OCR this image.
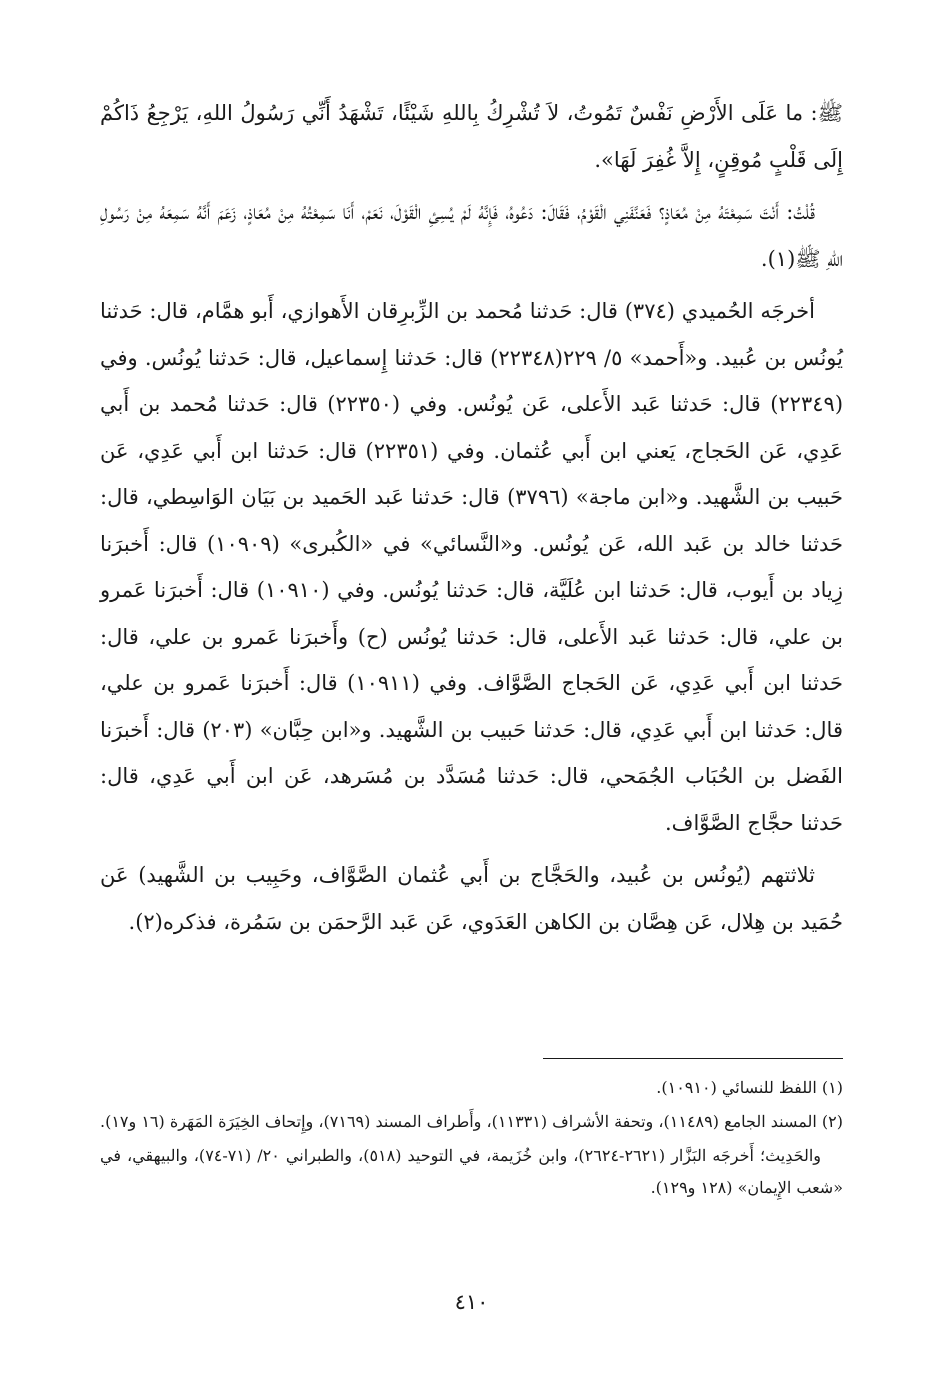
ﷺ: ما عَلَى الأَرْضِ نَفْسٌ تَمُوتُ، لاَ تُشْرِكُ بِاللهِ شَيْئًا، تَشْهَدُ أَنِّي رَسُولُ اللهِ، يَرْجِعُ ذَاكُمْ إِلَى قَلْبٍ مُوقِنٍ، إِلاَّ غُفِرَ لَهَا».

قُلْتُ: أَنْتَ سَمِعْتَهُ مِنْ مُعَاذٍ؟ فَعَنَّفَنِي الْقَوْمُ، فَقَالَ: دَعُوهُ، فَإِنَّهُ لَمْ يُسِئِ الْقَوْلَ، نَعَمْ، أَنَا سَمِعْتُهُ مِنْ مُعَاذٍ، زَعَمَ أَنَّهُ سَمِعَهُ مِنْ رَسُولِ اللهِ ﷺ(١).

أخرجَه الحُميدي (٣٧٤) قال: حَدثنا مُحمد بن الزِّبرِقان الأَهوازي، أَبو همَّام، قال: حَدثنا يُونُس بن عُبيد. و«أَحمد» ٥/ ٢٢٩(٢٢٣٤٨) قال: حَدثنا إِسماعيل، قال: حَدثنا يُونُس. وفي (٢٢٣٤٩) قال: حَدثنا عَبد الأَعلى، عَن يُونُس. وفي (٢٢٣٥٠) قال: حَدثنا مُحمد بن أَبي عَدِي، عَن الحَجاج، يَعني ابن أَبي عُثمان. وفي (٢٢٣٥١) قال: حَدثنا ابن أَبي عَدِي، عَن حَبيب بن الشَّهيد. و«ابن ماجة» (٣٧٩٦) قال: حَدثنا عَبد الحَميد بن بَيَان الوَاسِطي، قال: حَدثنا خالد بن عَبد الله، عَن يُونُس. و«النَّسائي» في «الكُبرى» (١٠٩٠٩) قال: أَخبرَنا زِياد بن أَيوب، قال: حَدثنا ابن عُلَيَّة، قال: حَدثنا يُونُس. وفي (١٠٩١٠) قال: أَخبرَنا عَمرو بن علي، قال: حَدثنا عَبد الأَعلى، قال: حَدثنا يُونُس (ح) وأَخبرَنا عَمرو بن علي، قال: حَدثنا ابن أَبي عَدِي، عَن الحَجاج الصَّوَّاف. وفي (١٠٩١١) قال: أَخبرَنا عَمرو بن علي، قال: حَدثنا ابن أَبي عَدِي، قال: حَدثنا حَبيب بن الشَّهيد. و«ابن حِبَّان» (٢٠٣) قال: أَخبرَنا الفَضل بن الحُبَاب الجُمَحي، قال: حَدثنا مُسَدَّد بن مُسَرهد، عَن ابن أَبي عَدِي، قال: حَدثنا حجَّاج الصَّوَّاف.

ثلاثتهم (يُونُس بن عُبيد، والحَجَّاج بن أَبي عُثمان الصَّوَّاف، وحَبِيب بن الشَّهيد) عَن حُمَيد بن هِلال، عَن هِصَّان بن الكاهن العَدَوي، عَن عَبد الرَّحمَن بن سَمُرة، فذكره(٢).

(١) اللفظ للنسائي (١٠٩١٠).

(٢) المسند الجامع (١١٤٨٩)، وتحفة الأشراف (١١٣٣١)، وأَطراف المسند (٧١٦٩)، وإِتحاف الخِيَرَة المَهَرة (١٦ و١٧).

والحَدِيث؛ أَخرجَه البَزَّار (٢٦٢١-٢٦٢٤)، وابن خُزَيمة، في التوحيد (٥١٨)، والطبراني ٢٠/ (٧١-٧٤)، والبيهقي، في «شعب الإِيمان» (١٢٨ و١٢٩).

٤١٠
